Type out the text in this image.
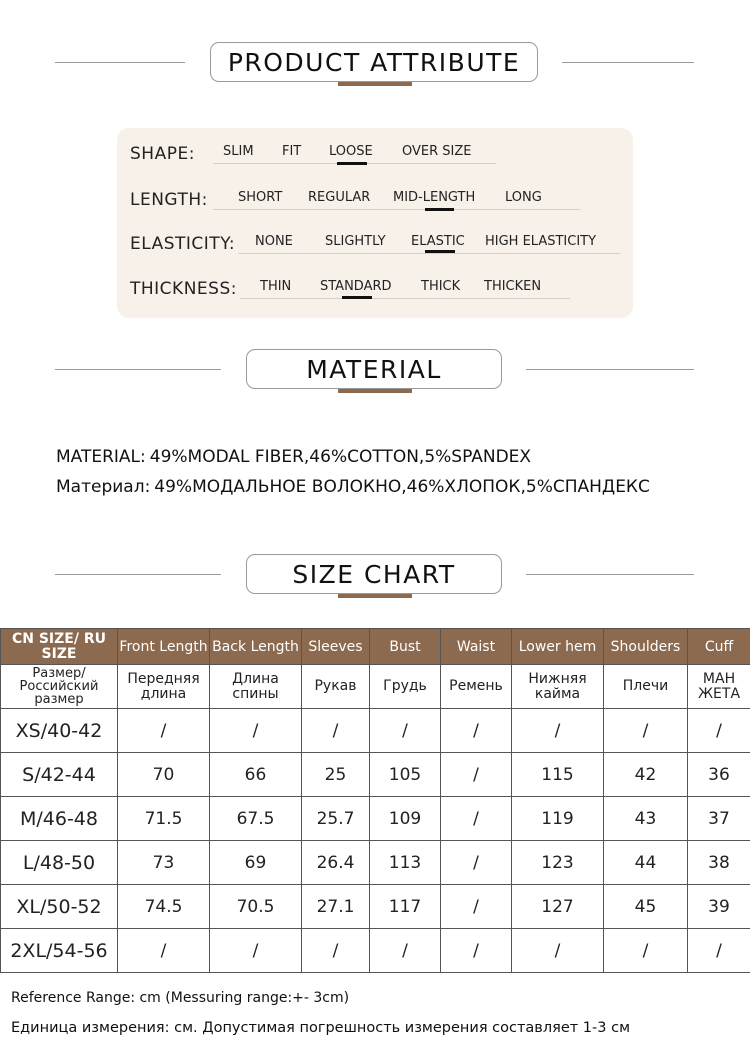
PRODUCT ATTRIBUTE
SHAPE: SLIM FIT LOOSE OVER SIZE
LENGTH: SHORT REGULAR MID-LENGTH LONG
ELASTICITY: NONE SLIGHTLY ELASTIC HIGH ELASTICITY
THICKNESS: THIN STANDARD THICK THICKEN
MATERIAL
MATERIAL: 49%MODAL FIBER,46%COTTON,5%SPANDEX
Материал: 49%МОДАЛЬНОЕ ВОЛОКНО,46%ХЛОПОК,5%СПАНДЕКС
SIZE CHART
CN SIZE/ RU SIZE	Front Length	Back Length	Sleeves	Bust	Waist	Lower hem	Shoulders	Cuff
Размер/ Российский размер	Передняя длина	Длина спины	Рукав	Грудь	Ремень	Нижняя кайма	Плечи	МАН ЖЕТА
XS/40-42	/	/	/	/	/	/	/	/
S/42-44	70	66	25	105	/	115	42	36
M/46-48	71.5	67.5	25.7	109	/	119	43	37
L/48-50	73	69	26.4	113	/	123	44	38
XL/50-52	74.5	70.5	27.1	117	/	127	45	39
2XL/54-56	/	/	/	/	/	/	/	/
Reference Range: cm (Messuring range:+- 3cm)
Единица измерения: см. Допустимая погрешность измерения составляет 1-3 см
